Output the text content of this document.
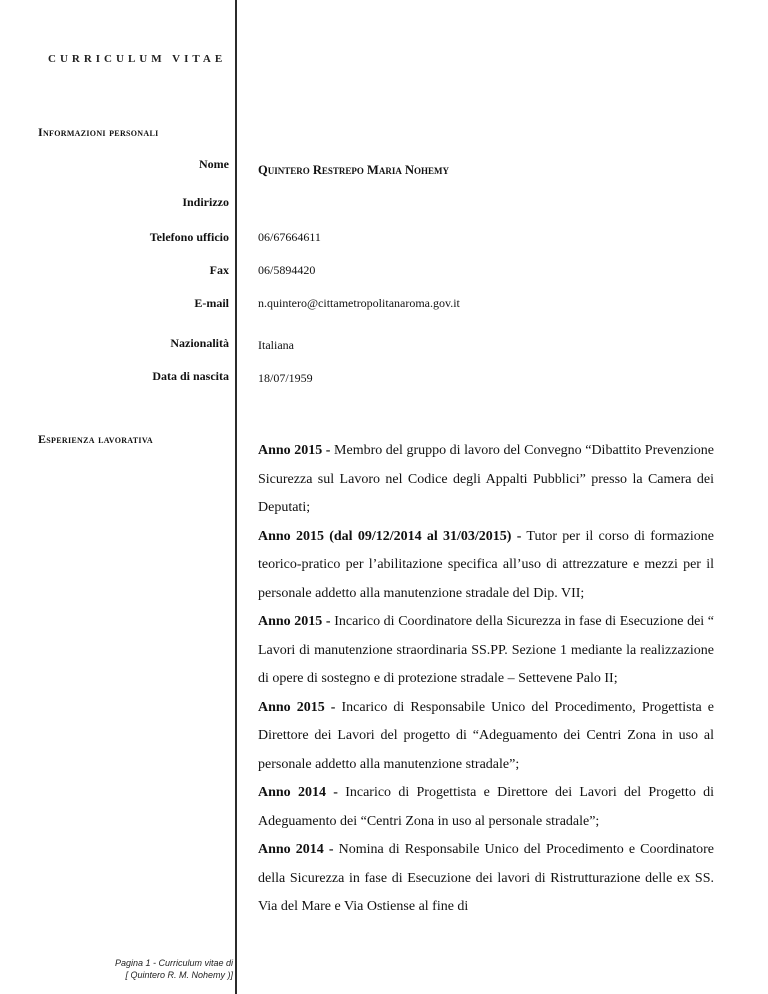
CURRICULUM VITAE
Informazioni personali
Nome Quintero Restrepo Maria Nohemy
Indirizzo
Telefono ufficio 06/67664611
Fax 06/5894420
E-mail n.quintero@cittametropolitanaroma.gov.it
Nazionalità Italiana
Data di nascita 18/07/1959
Esperienza lavorativa

Anno 2015 - Membro del gruppo di lavoro del Convegno “Dibattito Prevenzione Sicurezza sul Lavoro nel Codice degli Appalti Pubblici” presso la Camera dei Deputati;

Anno 2015 (dal 09/12/2014 al 31/03/2015) - Tutor per il corso di formazione teorico-pratico per l’abilitazione specifica all’uso di attrezzature e mezzi per il personale addetto alla manutenzione stradale del Dip. VII;

Anno 2015 - Incarico di Coordinatore della Sicurezza in fase di Esecuzione dei “ Lavori di manutenzione straordinaria SS.PP. Sezione 1 mediante la realizzazione di opere di sostegno e di protezione stradale – Settevene Palo II;

Anno 2015 - Incarico di Responsabile Unico del Procedimento, Progettista e Direttore dei Lavori del progetto di “Adeguamento dei Centri Zona in uso al personale addetto alla manutenzione stradale”;

Anno 2014 - Incarico di Progettista e Direttore dei Lavori del Progetto di Adeguamento dei “Centri Zona in uso al personale stradale”;

Anno 2014 - Nomina di Responsabile Unico del Procedimento e Coordinatore della Sicurezza in fase di Esecuzione dei lavori di Ristrutturazione delle ex SS. Via del Mare e Via Ostiense al fine di

Pagina 1 - Curriculum vitae di
[ Quintero R. M. Nohemy )]
